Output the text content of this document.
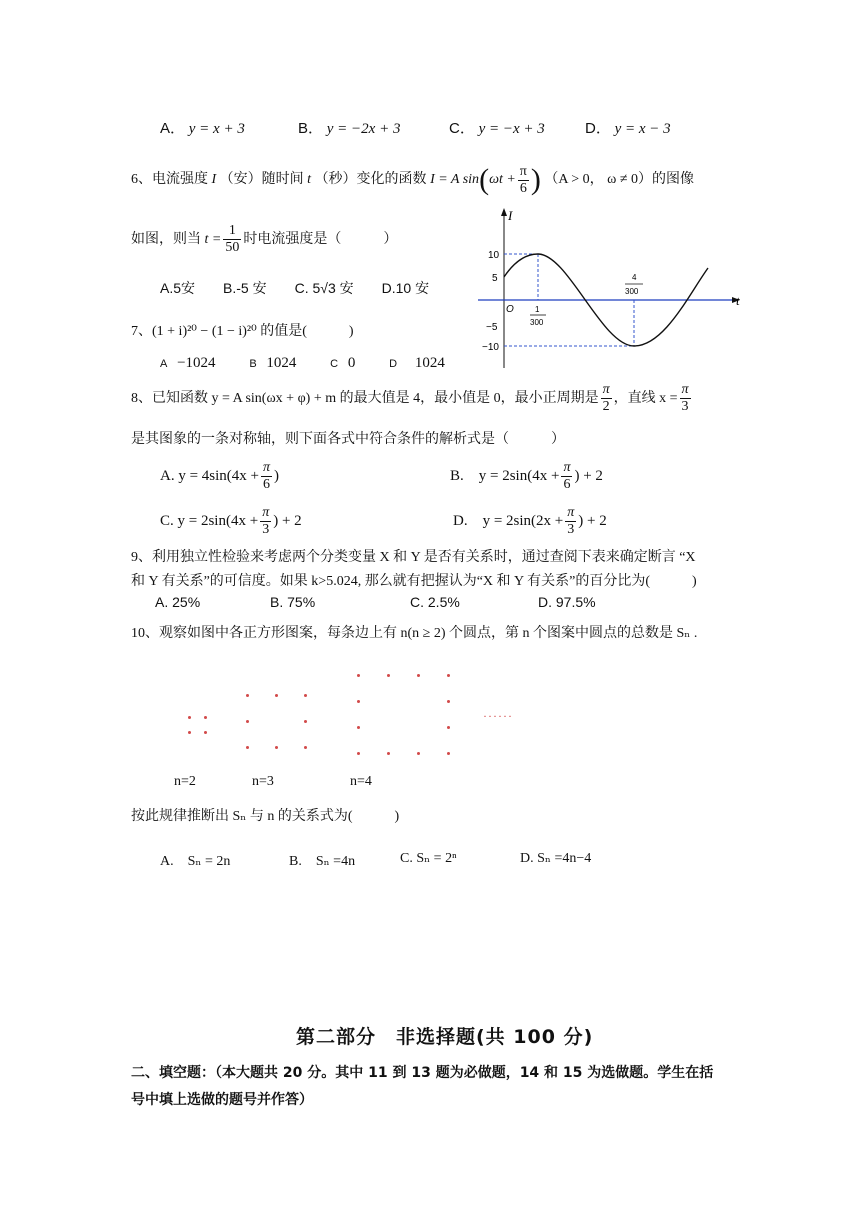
A． y = x + 3	B． y = −2x + 3	C． y = −x + 3	D． y = x − 3
6、电流强度 I （安）随时间 t （秒）变化的函数 I = A $\sin(\omega t + \frac{\pi}{6}$ ) （A > 0， ω ≠ 0）的图像
如图，则当 $t = \frac{1}{50}$ 时电流强度是（　　　）
A.5安　　B.-5 安　　C. 5√3 安　　D.10 安
I
t
O
10
5
−5
−10
1
300
4
300
7、(1 + i)²⁰ − (1 − i)²⁰ 的值是(　　　)
A −1024	B 1024	C 0	D 1024
8、已知函数 y = A sin(ωx + φ) + m 的最大值是 4，最小值是 0，最小正周期是 $\frac{\pi}{2}$ ，直线 $x = \frac{\pi}{3}$
是其图象的一条对称轴，则下面各式中符合条件的解析式是（　　　）
A. $y = 4\sin(4x + \frac{\pi}{6}$ )	B.　$y = 2\sin(4x + \frac{\pi}{6}$ ) + 2
C. $y = 2\sin(4x + \frac{\pi}{3}$ ) + 2	D.　$y = 2\sin(2x + \frac{\pi}{3}$ ) + 2
9、利用独立性检验来考虑两个分类变量 X 和 Y 是否有关系时，通过查阅下表来确定断言 “X
和 Y 有关系”的可信度。如果 k>5.024, 那么就有把握认为“X 和 Y 有关系”的百分比为(　　　)
A. 25%	B. 75%	C. 2.5%	D. 97.5%
10、观察如图中各正方形图案，每条边上有 n(n ≥ 2) 个圆点，第 n 个图案中圆点的总数是 Sₙ .
· · · · · ·
n=2	n=3	n=4
按此规律推断出 Sₙ 与 n 的关系式为(　　　)
A.　Sₙ = 2n	B.　Sₙ =4n	C. Sₙ = 2ⁿ	D. Sₙ =4n−4
第二部分　非选择题(共 100 分)
二、填空题：（本大题共 20 分。其中 11 到 13 题为必做题，14 和 15 为选做题。学生在括
号中填上选做的题号并作答）
